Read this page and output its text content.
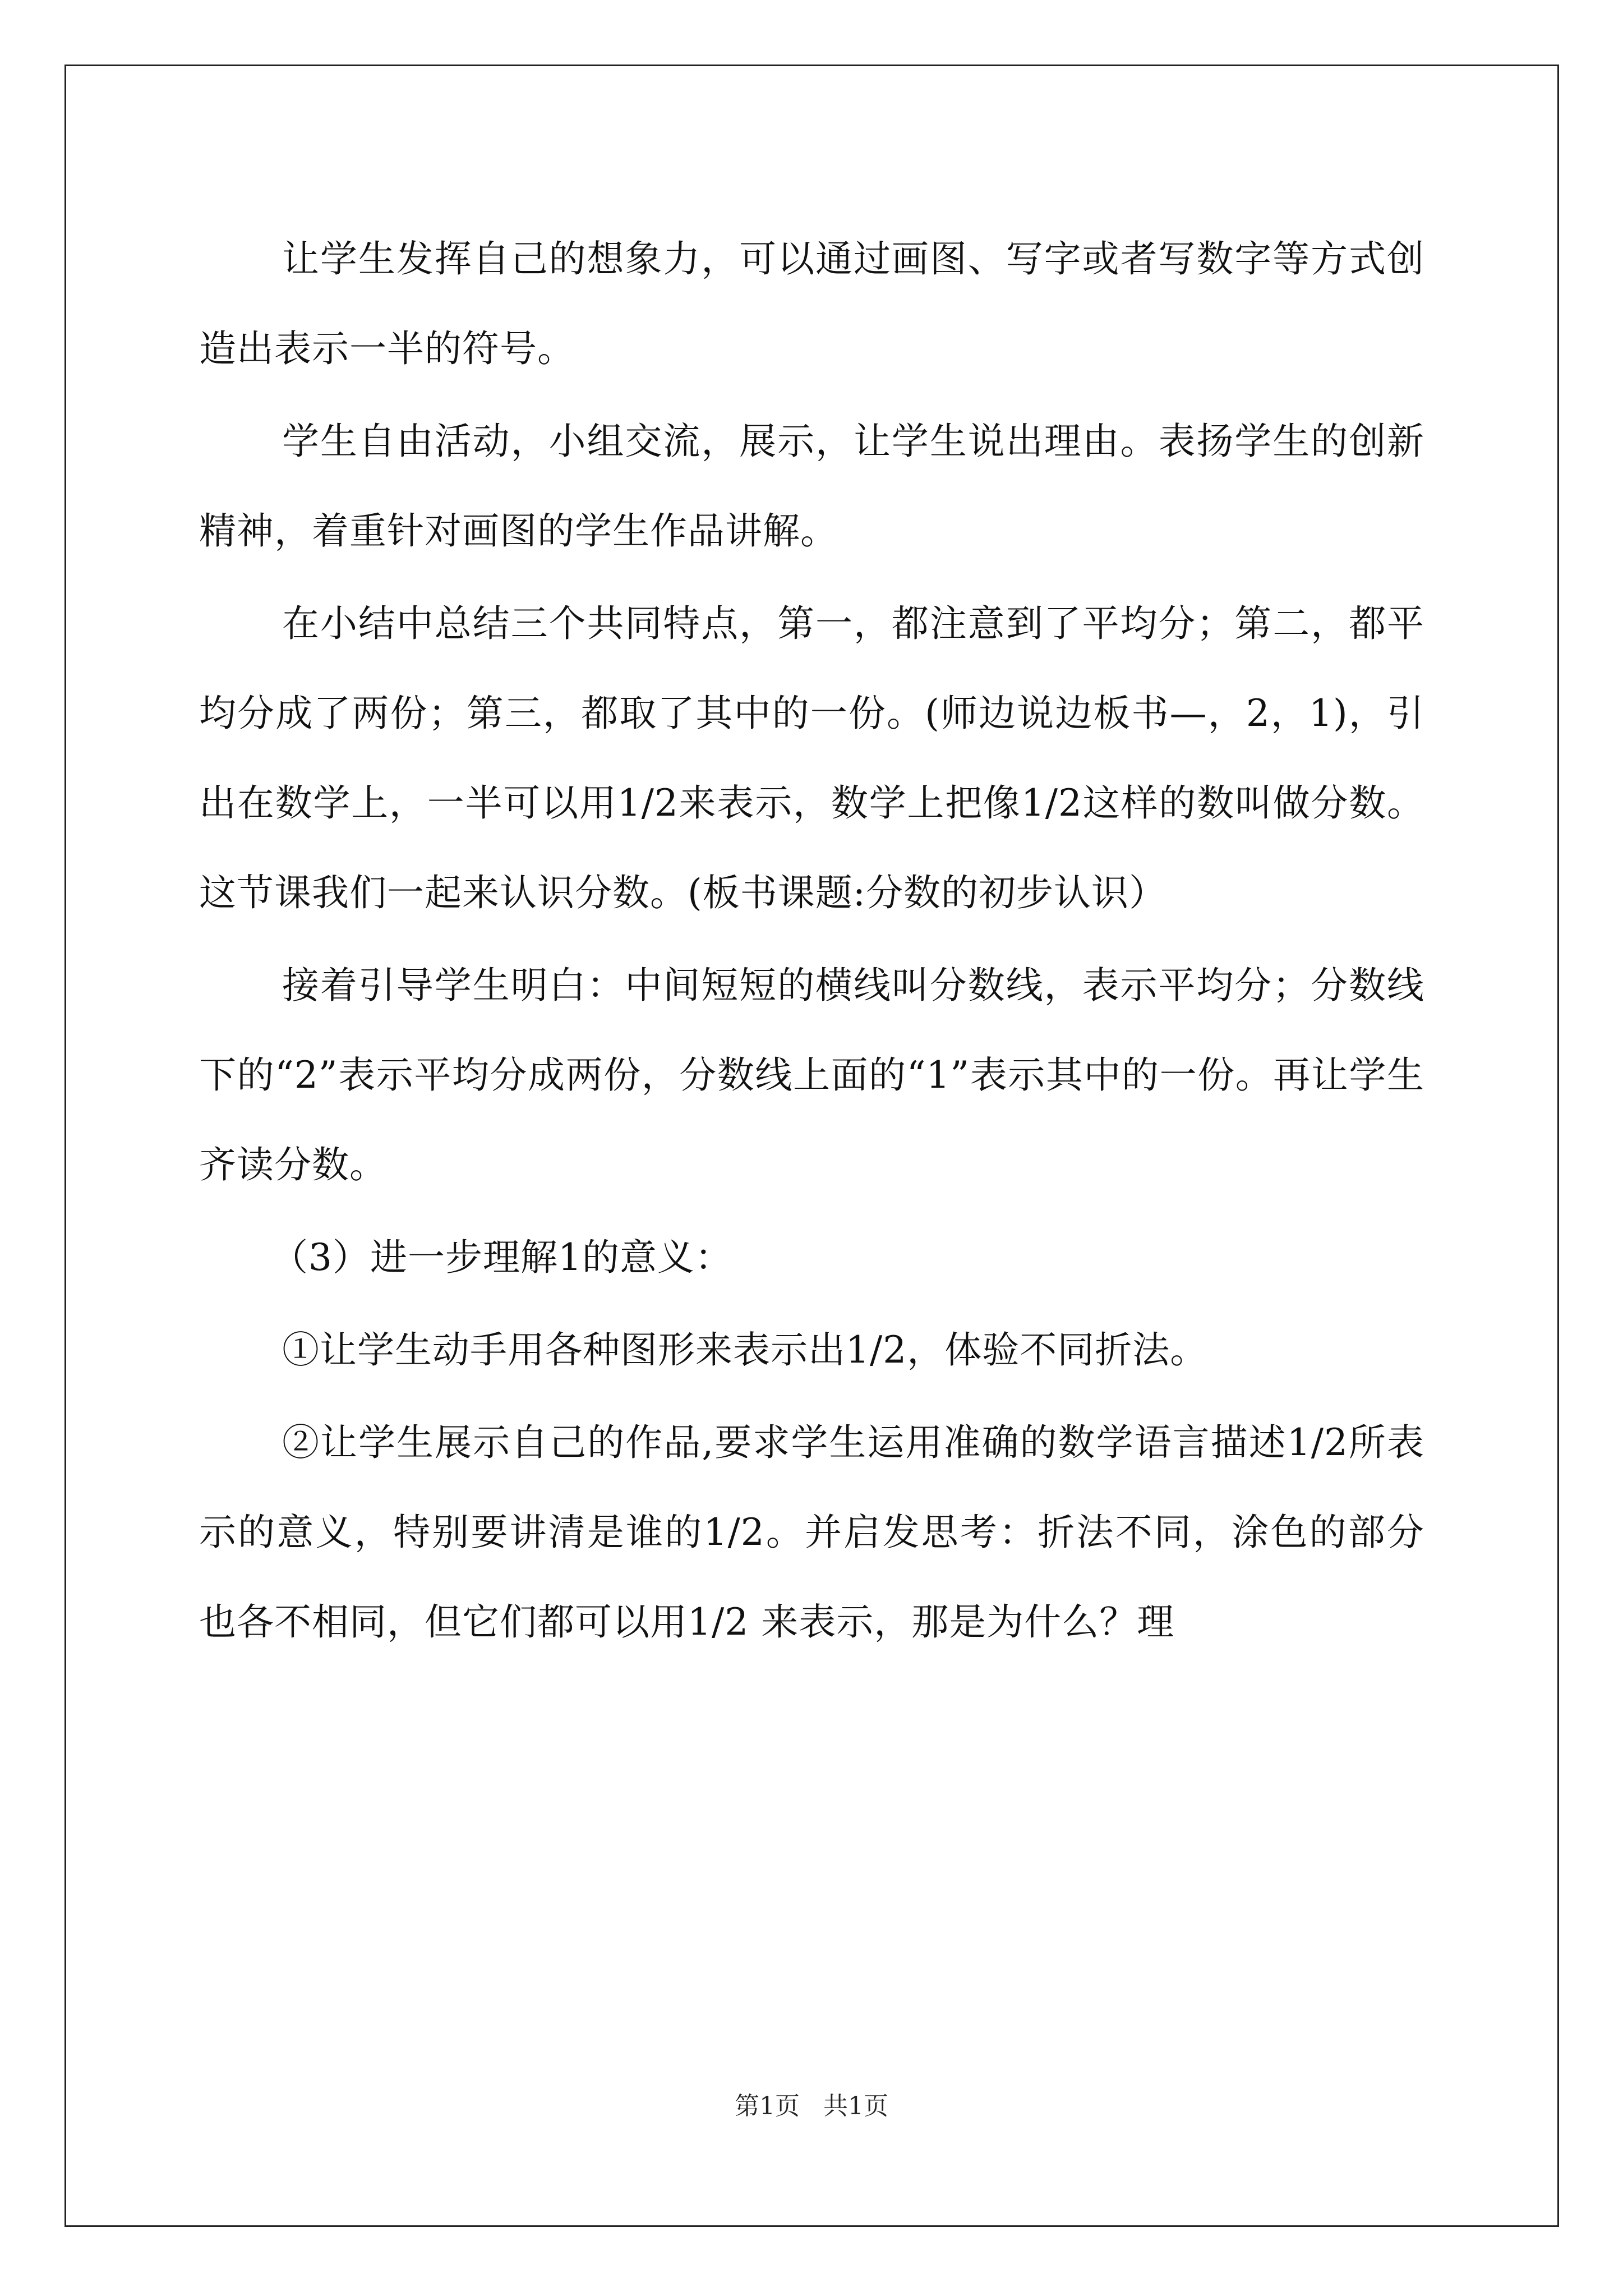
让学生发挥自己的想象力，可以通过画图、写字或者写数字等方式创造出表示一半的符号。

学生自由活动，小组交流，展示，让学生说出理由。表扬学生的创新精神，着重针对画图的学生作品讲解。

在小结中总结三个共同特点，第一，都注意到了平均分；第二，都平均分成了两份；第三，都取了其中的一份。(师边说边板书—，2，1)，引出在数学上，一半可以用1/2来表示，数学上把像1/2这样的数叫做分数。这节课我们一起来认识分数。(板书课题:分数的初步认识）

接着引导学生明白：中间短短的横线叫分数线，表示平均分；分数线下的“2”表示平均分成两份，分数线上面的“1”表示其中的一份。再让学生齐读分数。

（3）进一步理解1的意义：

①让学生动手用各种图形来表示出1/2，体验不同折法。

②让学生展示自己的作品,要求学生运用准确的数学语言描述1/2所表示的意义，特别要讲清是谁的1/2。并启发思考：折法不同，涂色的部分也各不相同，但它们都可以用1/2 来表示，那是为什么？理

第1页 共1页
